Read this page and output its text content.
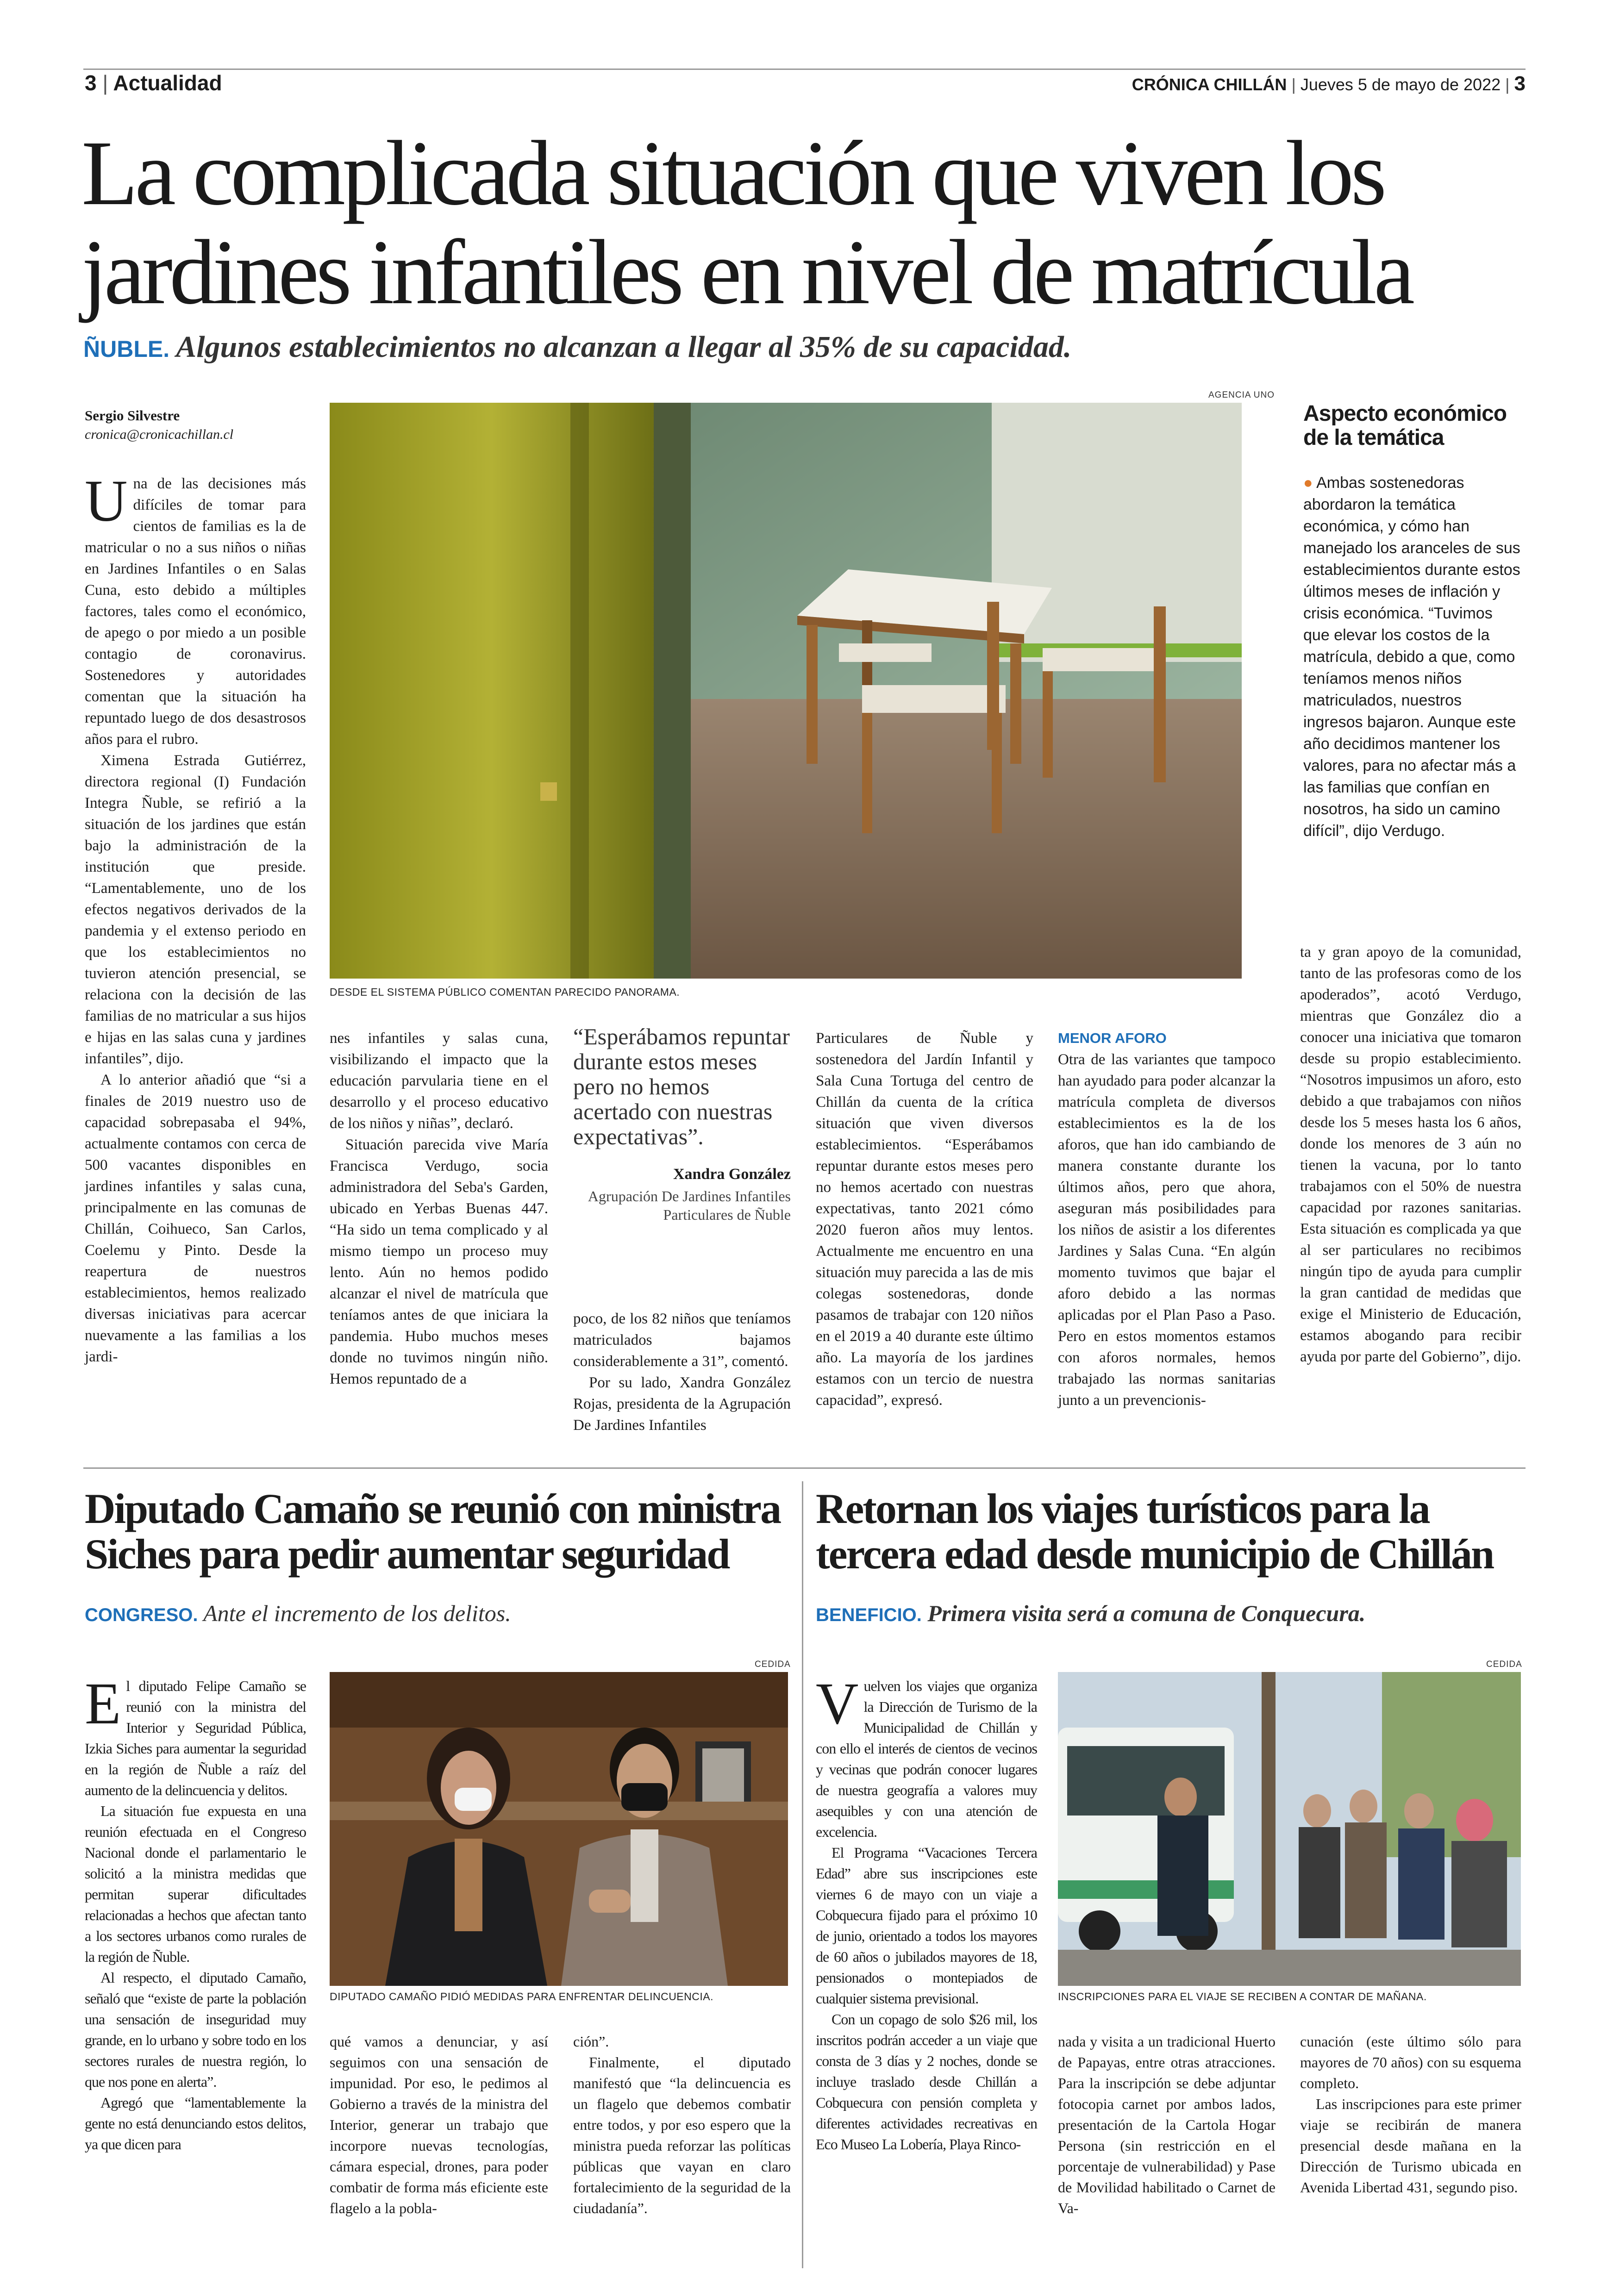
3 | Actualidad	CRÓNICA CHILLÁN | Jueves 5 de mayo de 2022 | 3
La complicada situación que viven los
jardines infantiles en nivel de matrícula
ÑUBLE. Algunos establecimientos no alcanzan a llegar al 35% de su capacidad.
Sergio Silvestre
cronica@cronicachillan.cl
AGENCIA UNO
DESDE EL SISTEMA PÚBLICO COMENTAN PARECIDO PANORAMA.
Aspecto económico de la temática
● Ambas sostenedoras abordaron la temática económica, y cómo han manejado los aranceles de sus establecimientos durante estos últimos meses de inflación y crisis económica. “Tuvimos que elevar los costos de la matrícula, debido a que, como teníamos menos niños matriculados, nuestros ingresos bajaron. Aunque este año decidimos mantener los valores, para no afectar más a las familias que confían en nosotros, ha sido un camino difícil”, dijo Verdugo.

Una de las decisiones más difíciles de tomar para cientos de familias es la de matricular o no a sus niños o niñas en Jardines Infantiles o en Salas Cuna, esto debido a múltiples factores, tales como el económico, de apego o por miedo a un posible contagio de coronavirus. Sostenedores y autoridades comentan que la situación ha repuntado luego de dos desastrosos años para el rubro.

Ximena Estrada Gutiérrez, directora regional (I) Fundación Integra Ñuble, se refirió a la situación de los jardines que están bajo la administración de la institución que preside. “Lamentablemente, uno de los efectos negativos derivados de la pandemia y el extenso periodo en que los establecimientos no tuvieron atención presencial, se relaciona con la decisión de las familias de no matricular a sus hijos e hijas en las salas cuna y jardines infantiles”, dijo.

A lo anterior añadió que “si a finales de 2019 nuestro uso de capacidad sobrepasaba el 94%, actualmente contamos con cerca de 500 vacantes disponibles en jardines infantiles y salas cuna, principalmente en las comunas de Chillán, Coihueco, San Carlos, Coelemu y Pinto. Desde la reapertura de nuestros establecimientos, hemos realizado diversas iniciativas para acercar nuevamente a las familias a los jardi-

nes infantiles y salas cuna, visibilizando el impacto que la educación parvularia tiene en el desarrollo y el proceso educativo de los niños y niñas”, declaró.

Situación parecida vive María Francisca Verdugo, socia administradora del Seba's Garden, ubicado en Yerbas Buenas 447. “Ha sido un tema complicado y al mismo tiempo un proceso muy lento. Aún no hemos podido alcanzar el nivel de matrícula que teníamos antes de que iniciara la pandemia. Hubo muchos meses donde no tuvimos ningún niño. Hemos repuntado de a

“Esperábamos repuntar durante estos meses pero no hemos acertado con nuestras expectativas”.
Xandra González
Agrupación De Jardines Infantiles Particulares de Ñuble

poco, de los 82 niños que teníamos matriculados bajamos considerablemente a 31”, comentó.

Por su lado, Xandra González Rojas, presidenta de la Agrupación De Jardines Infantiles

Particulares de Ñuble y sostenedora del Jardín Infantil y Sala Cuna Tortuga del centro de Chillán da cuenta de la crítica situación que viven diversos establecimientos. “Esperábamos repuntar durante estos meses pero no hemos acertado con nuestras expectativas, tanto 2021 cómo 2020 fueron años muy lentos. Actualmente me encuentro en una situación muy parecida a las de mis colegas sostenedoras, donde pasamos de trabajar con 120 niños en el 2019 a 40 durante este último año. La mayoría de los jardines estamos con un tercio de nuestra capacidad”, expresó.

MENOR AFORO

Otra de las variantes que tampoco han ayudado para poder alcanzar la matrícula completa de diversos establecimientos es la de los aforos, que han ido cambiando de manera constante durante los últimos años, pero que ahora, aseguran más posibilidades para los niños de asistir a los diferentes Jardines y Salas Cuna. “En algún momento tuvimos que bajar el aforo debido a las normas aplicadas por el Plan Paso a Paso. Pero en estos momentos estamos con aforos normales, hemos trabajado las normas sanitarias junto a un prevencionis-

ta y gran apoyo de la comunidad, tanto de las profesoras como de los apoderados”, acotó Verdugo, mientras que González dio a conocer una iniciativa que tomaron desde su propio establecimiento. “Nosotros impusimos un aforo, esto debido a que trabajamos con niños desde los 5 meses hasta los 6 años, donde los menores de 3 aún no tienen la vacuna, por lo tanto trabajamos con el 50% de nuestra capacidad por razones sanitarias. Esta situación es complicada ya que al ser particulares no recibimos ningún tipo de ayuda para cumplir la gran cantidad de medidas que exige el Ministerio de Educación, estamos abogando para recibir ayuda por parte del Gobierno”, dijo.

Diputado Camaño se reunió con ministra
Siches para pedir aumentar seguridad
CONGRESO. Ante el incremento de los delitos.

El diputado Felipe Camaño se reunió con la ministra del Interior y Seguridad Pública, Izkia Siches para aumentar la seguridad en la región de Ñuble a raíz del aumento de la delincuencia y delitos.

La situación fue expuesta en una reunión efectuada en el Congreso Nacional donde el parlamentario le solicitó a la ministra medidas que permitan superar dificultades relacionadas a hechos que afectan tanto a los sectores urbanos como rurales de la región de Ñuble.

Al respecto, el diputado Camaño, señaló que “existe de parte la población una sensación de inseguridad muy grande, en lo urbano y sobre todo en los sectores rurales de nuestra región, lo que nos pone en alerta”.

Agregó que “lamentablemente la gente no está denunciando estos delitos, ya que dicen para

CEDIDA
DIPUTADO CAMAÑO PIDIÓ MEDIDAS PARA ENFRENTAR DELINCUENCIA.

qué vamos a denunciar, y así seguimos con una sensación de impunidad. Por eso, le pedimos al Gobierno a través de la ministra del Interior, generar un trabajo que incorpore nuevas tecnologías, cámara especial, drones, para poder combatir de forma más eficiente este flagelo a la pobla-

ción”.

Finalmente, el diputado manifestó que “la delincuencia es un flagelo que debemos combatir entre todos, y por eso espero que la ministra pueda reforzar las políticas públicas que vayan en claro fortalecimiento de la seguridad de la ciudadanía”.

Retornan los viajes turísticos para la
tercera edad desde municipio de Chillán
BENEFICIO. Primera visita será a comuna de Conquecura.

Vuelven los viajes que organiza la Dirección de Turismo de la Municipalidad de Chillán y con ello el interés de cientos de vecinos y vecinas que podrán conocer lugares de nuestra geografía a valores muy asequibles y con una atención de excelencia.

El Programa “Vacaciones Tercera Edad” abre sus inscripciones este viernes 6 de mayo con un viaje a Cobquecura fijado para el próximo 10 de junio, orientado a todos los mayores de 60 años o jubilados mayores de 18, pensionados o montepiados de cualquier sistema previsional.

Con un copago de solo $26 mil, los inscritos podrán acceder a un viaje que consta de 3 días y 2 noches, donde se incluye traslado desde Chillán a Cobquecura con pensión completa y diferentes actividades recreativas en Eco Museo La Lobería, Playa Rinco-

CEDIDA
INSCRIPCIONES PARA EL VIAJE SE RECIBEN A CONTAR DE MAÑANA.

nada y visita a un tradicional Huerto de Papayas, entre otras atracciones. Para la inscripción se debe adjuntar fotocopia carnet por ambos lados, presentación de la Cartola Hogar Persona (sin restricción en el porcentaje de vulnerabilidad) y Pase de Movilidad habilitado o Carnet de Va-

cunación (este último sólo para mayores de 70 años) con su esquema completo.

Las inscripciones para este primer viaje se recibirán de manera presencial desde mañana en la Dirección de Turismo ubicada en Avenida Libertad 431, segundo piso.
